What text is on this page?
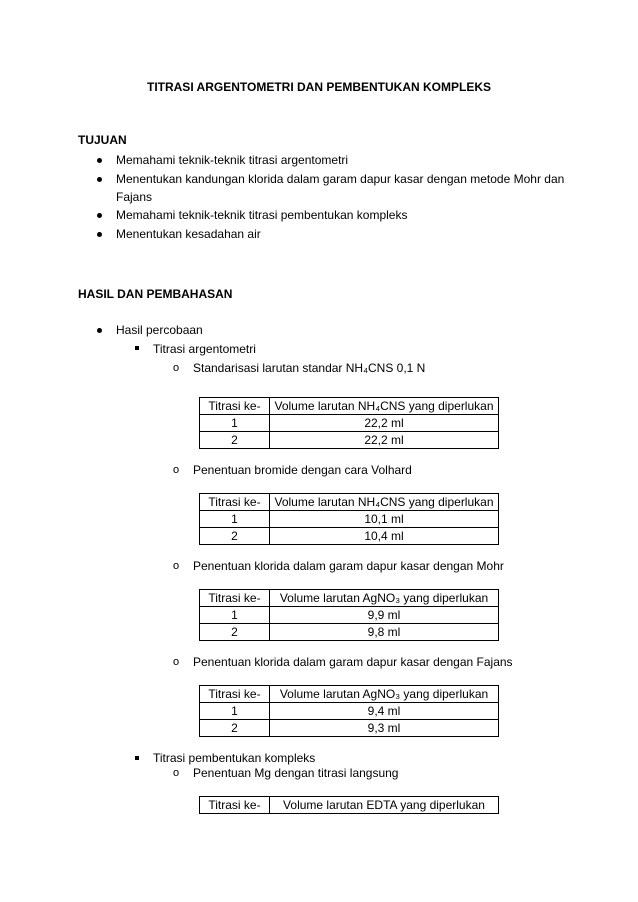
TITRASI ARGENTOMETRI DAN PEMBENTUKAN KOMPLEKS
TUJUAN
Memahami teknik-teknik titrasi argentometri
Menentukan kandungan klorida dalam garam dapur kasar dengan metode Mohr dan
Fajans
Memahami teknik-teknik titrasi pembentukan kompleks
Menentukan kesadahan air
HASIL DAN PEMBAHASAN
Hasil percobaan
Titrasi argentometri
o Standarisasi larutan standar NH₄CNS 0,1 N
Titrasi ke-	Volume larutan NH₄CNS yang diperlukan
1	22,2 ml
2	22,2 ml
o Penentuan bromide dengan cara Volhard
Titrasi ke-	Volume larutan NH₄CNS yang diperlukan
1	10,1 ml
2	10,4 ml
o Penentuan klorida dalam garam dapur kasar dengan Mohr
Titrasi ke-	Volume larutan AgNO₃ yang diperlukan
1	9,9 ml
2	9,8 ml
o Penentuan klorida dalam garam dapur kasar dengan Fajans
Titrasi ke-	Volume larutan AgNO₃ yang diperlukan
1	9,4 ml
2	9,3 ml
Titrasi pembentukan kompleks
o Penentuan Mg dengan titrasi langsung
Titrasi ke-	Volume larutan EDTA yang diperlukan
